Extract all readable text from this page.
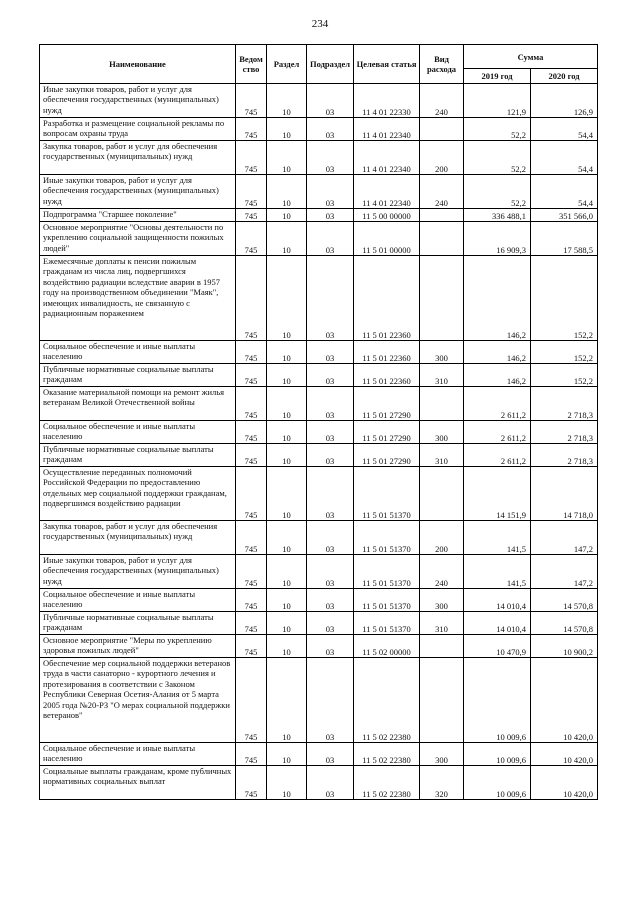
234
Наименование	Ведом ство	Раздел	Подраздел	Целевая статья	Вид расхода	Сумма	
						2019 год	2020 год
Иные закупки товаров, работ и услуг для обеспечения государственных (муниципальных) нужд	745	10	03	11 4 01 22330	240	121,9	126,9
Разработка и размещение социальной рекламы по вопросам охраны труда	745	10	03	11 4 01 22340		52,2	54,4
Закупка товаров, работ и услуг для обеспечения государственных (муниципальных) нужд	745	10	03	11 4 01 22340	200	52,2	54,4
Иные закупки товаров, работ и услуг для обеспечения государственных (муниципальных) нужд	745	10	03	11 4 01 22340	240	52,2	54,4
Подпрограмма "Старшее поколение"	745	10	03	11 5 00 00000		336 488,1	351 566,0
Основное мероприятие "Основы деятельности по укреплению социальной защищенности пожилых людей"	745	10	03	11 5 01 00000		16 909,3	17 588,5
Ежемесячные доплаты к пенсии пожилым гражданам из числа лиц, подвергшихся воздействию радиации вследствие аварии в 1957 году на производственном объединении "Маяк", имеющих инвалидность, не связанную с радиационным поражением	745	10	03	11 5 01 22360		146,2	152,2
Социальное обеспечение и иные выплаты населению	745	10	03	11 5 01 22360	300	146,2	152,2
Публичные нормативные социальные выплаты гражданам	745	10	03	11 5 01 22360	310	146,2	152,2
Оказание материальной помощи на ремонт жилья ветеранам Великой Отечественной войны	745	10	03	11 5 01 27290		2 611,2	2 718,3
Социальное обеспечение и иные выплаты населению	745	10	03	11 5 01 27290	300	2 611,2	2 718,3
Публичные нормативные социальные выплаты гражданам	745	10	03	11 5 01 27290	310	2 611,2	2 718,3
Осуществление переданных полномочий Российской Федерации по предоставлению отдельных мер социальной поддержки гражданам, подвергшимся воздействию радиации	745	10	03	11 5 01 51370		14 151,9	14 718,0
Закупка товаров, работ и услуг для обеспечения государственных (муниципальных) нужд	745	10	03	11 5 01 51370	200	141,5	147,2
Иные закупки товаров, работ и услуг для обеспечения государственных (муниципальных) нужд	745	10	03	11 5 01 51370	240	141,5	147,2
Социальное обеспечение и иные выплаты населению	745	10	03	11 5 01 51370	300	14 010,4	14 570,8
Публичные нормативные социальные выплаты гражданам	745	10	03	11 5 01 51370	310	14 010,4	14 570,8
Основное мероприятие "Меры по укреплению здоровья пожилых людей"	745	10	03	11 5 02 00000		10 470,9	10 900,2
Обеспечение мер социальной поддержки ветеранов труда в части санаторно - курортного лечения и протезирования в соответствии с Законом Республики Северная Осетия-Алания от 5 марта 2005 года №20-РЗ "О мерах социальной поддержки ветеранов"	745	10	03	11 5 02 22380		10 009,6	10 420,0
Социальное обеспечение и иные выплаты населению	745	10	03	11 5 02 22380	300	10 009,6	10 420,0
Социальные выплаты гражданам, кроме публичных нормативных социальных выплат	745	10	03	11 5 02 22380	320	10 009,6	10 420,0
